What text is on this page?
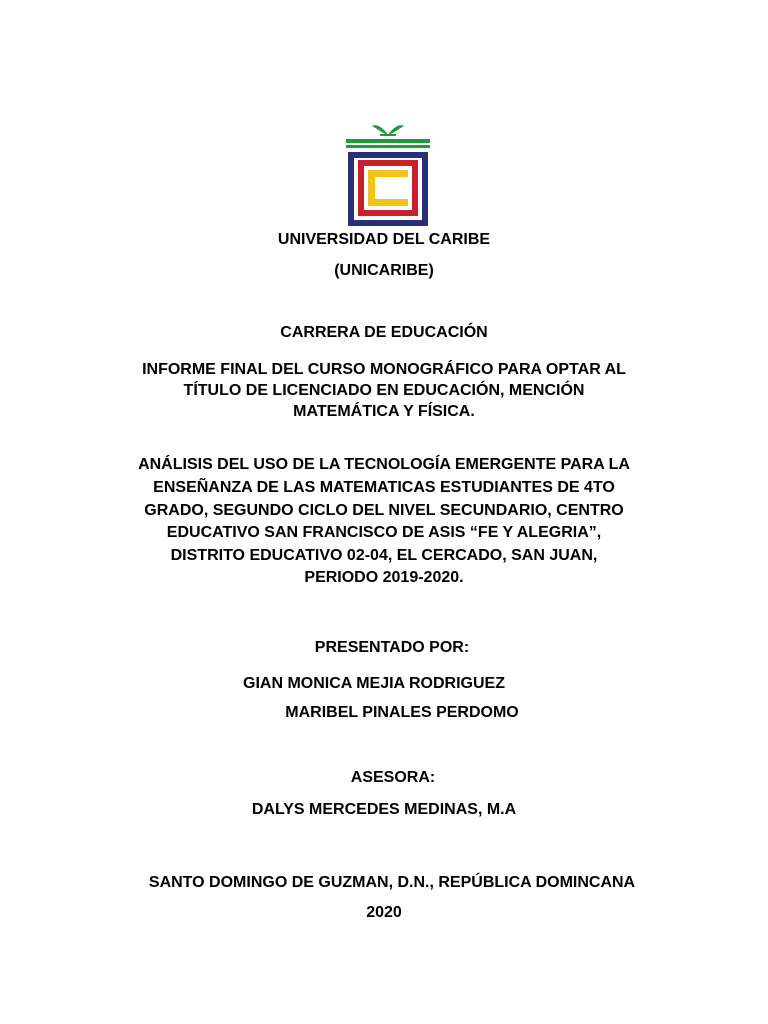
UNIVERSIDAD DEL CARIBE
(UNICARIBE)
CARRERA DE EDUCACIÓN
INFORME FINAL DEL CURSO MONOGRÁFICO PARA OPTAR AL
TÍTULO DE LICENCIADO EN EDUCACIÓN, MENCIÓN
MATEMÁTICA Y FÍSICA.
ANÁLISIS DEL USO DE LA TECNOLOGÍA EMERGENTE PARA LA
ENSEÑANZA DE LAS MATEMATICAS ESTUDIANTES DE 4TO
GRADO, SEGUNDO CICLO DEL NIVEL SECUNDARIO, CENTRO
EDUCATIVO SAN FRANCISCO DE ASIS “FE Y ALEGRIA”,
DISTRITO EDUCATIVO 02-04, EL CERCADO, SAN JUAN,
PERIODO 2019-2020.
PRESENTADO POR:
GIAN MONICA MEJIA RODRIGUEZ
MARIBEL PINALES PERDOMO
ASESORA:
DALYS MERCEDES MEDINAS, M.A
SANTO DOMINGO DE GUZMAN, D.N., REPÚBLICA DOMINCANA
2020
